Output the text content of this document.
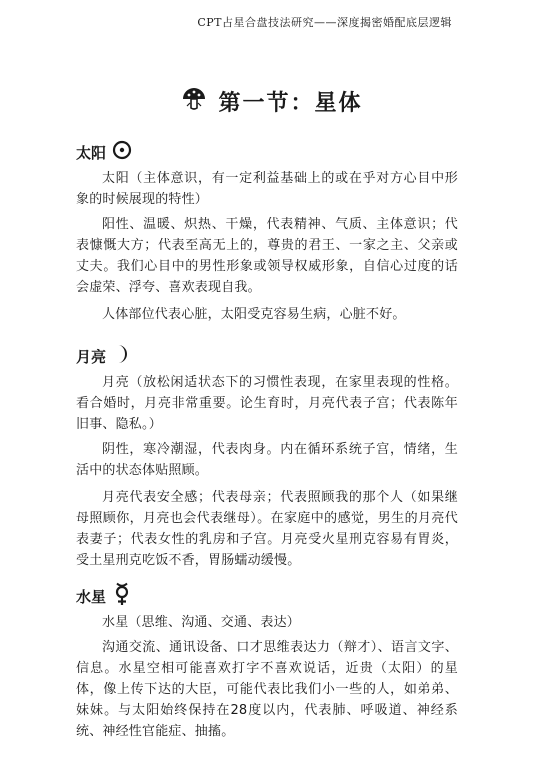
CPT占星合盘技法研究——深度揭密婚配底层逻辑
第一节：星体
太阳

太阳（主体意识，有一定利益基础上的或在乎对方心目中形象的时候展现的特性）

阳性、温暖、炽热、干燥，代表精神、气质、主体意识；代表慷慨大方；代表至高无上的，尊贵的君王、一家之主、父亲或丈夫。我们心目中的男性形象或领导权威形象，自信心过度的话会虚荣、浮夸、喜欢表现自我。

人体部位代表心脏，太阳受克容易生病，心脏不好。

月亮

月亮（放松闲适状态下的习惯性表现，在家里表现的性格。看合婚时，月亮非常重要。论生育时，月亮代表子宫；代表陈年旧事、隐私。）

阴性，寒冷潮湿，代表肉身。内在循环系统子宫，情绪，生活中的状态体贴照顾。

月亮代表安全感；代表母亲；代表照顾我的那个人（如果继母照顾你，月亮也会代表继母）。在家庭中的感觉，男生的月亮代表妻子；代表女性的乳房和子宫。月亮受火星刑克容易有胃炎，受土星刑克吃饭不香，胃肠蠕动缓慢。

水星

水星（思维、沟通、交通、表达）

沟通交流、通讯设备、口才思维表达力（辩才）、语言文字、信息。水星空相可能喜欢打字不喜欢说话，近贵（太阳）的星体，像上传下达的大臣，可能代表比我们小一些的人，如弟弟、妹妹。与太阳始终保持在28度以内，代表肺、呼吸道、神经系统、神经性官能症、抽搐。
